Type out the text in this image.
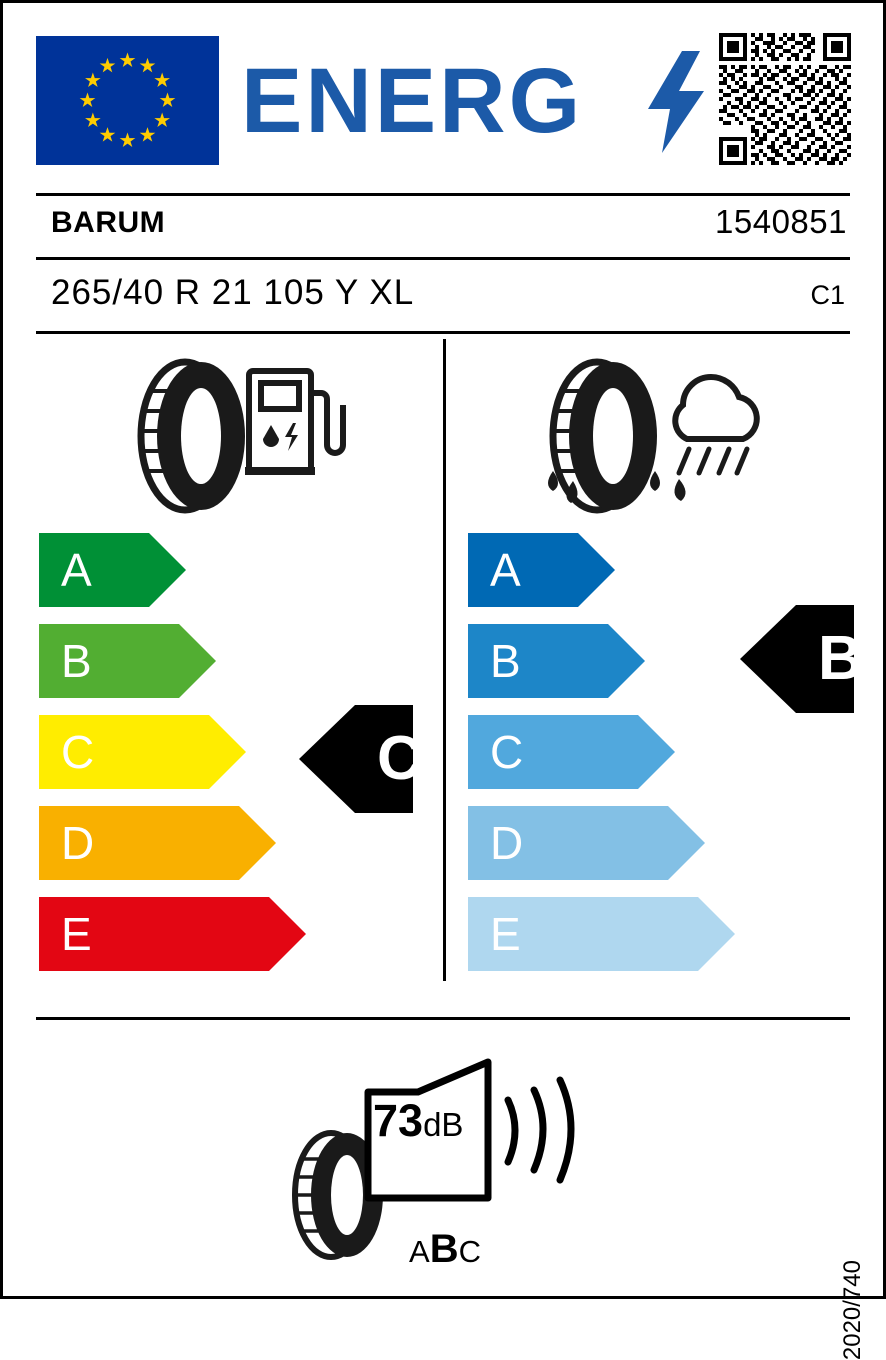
ENERG
BARUM	1540851
265/40 R 21 105 Y XL	C1
A
B
C
D
E
A
B
C
D
E
C
B
73dB
ABC
2020/740
